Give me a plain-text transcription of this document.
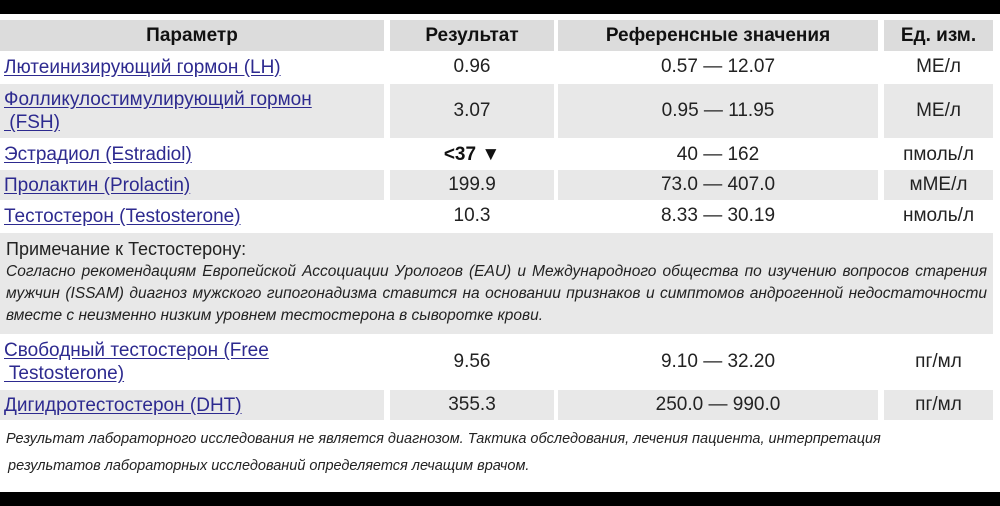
Параметр	Результат	Референсные значения	Ед. изм.
Лютеинизирующий гормон (LH)	0.96	0.57 — 12.07	МЕ/л
Фолликулостимулирующий гормон
(FSH)
3.07	0.95 — 11.95	МЕ/л
Эстрадиол (Estradiol)	<37 ▼	40 — 162	пмоль/л
Пролактин (Prolactin)	199.9	73.0 — 407.0	мМЕ/л
Тестостерон (Testosterone)	10.3	8.33 — 30.19	нмоль/л
Примечание к Тестостерону:
Согласно рекомендациям Европейской Ассоциации Урологов (EAU) и Международного общества по изучению вопросов старения мужчин (ISSAM) диагноз мужского гипогонадизма ставится на основании признаков и симптомов андрогенной недостаточности вместе с неизменно низким уровнем тестостерона в сыворотке крови.
Свободный тестостерон (Free
Testosterone)
9.56	9.10 — 32.20	пг/мл
Дигидротестостерон (DHT)	355.3	250.0 — 990.0	пг/мл
Результат лабораторного исследования не является диагнозом. Тактика обследования, лечения пациента, интерпретация
результатов лабораторных исследований определяется лечащим врачом.
